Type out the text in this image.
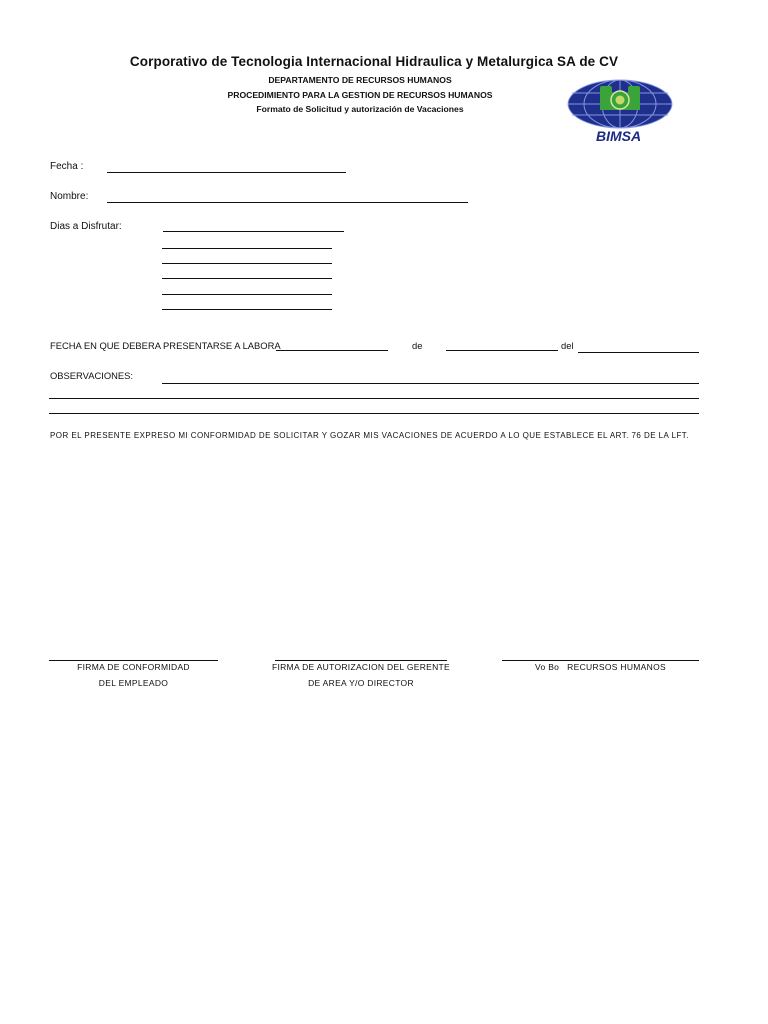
Corporativo de Tecnologia Internacional Hidraulica y Metalurgica SA de CV
DEPARTAMENTO DE RECURSOS HUMANOS
PROCEDIMIENTO PARA LA GESTION DE RECURSOS HUMANOS
Formato de Solicitud y autorización de Vacaciones
BIMSA
Fecha :
Nombre:
Dias a Disfrutar:
FECHA EN QUE DEBERA PRESENTARSE A LABORA	de	del
OBSERVACIONES:
POR EL PRESENTE EXPRESO MI CONFORMIDAD DE SOLICITAR Y GOZAR MIS VACACIONES DE ACUERDO A LO QUE ESTABLECE EL ART. 76 DE LA LFT.
FIRMA DE CONFORMIDAD
DEL EMPLEADO
FIRMA DE AUTORIZACION DEL GERENTE
DE AREA Y/O DIRECTOR
Vo Bo   RECURSOS HUMANOS
